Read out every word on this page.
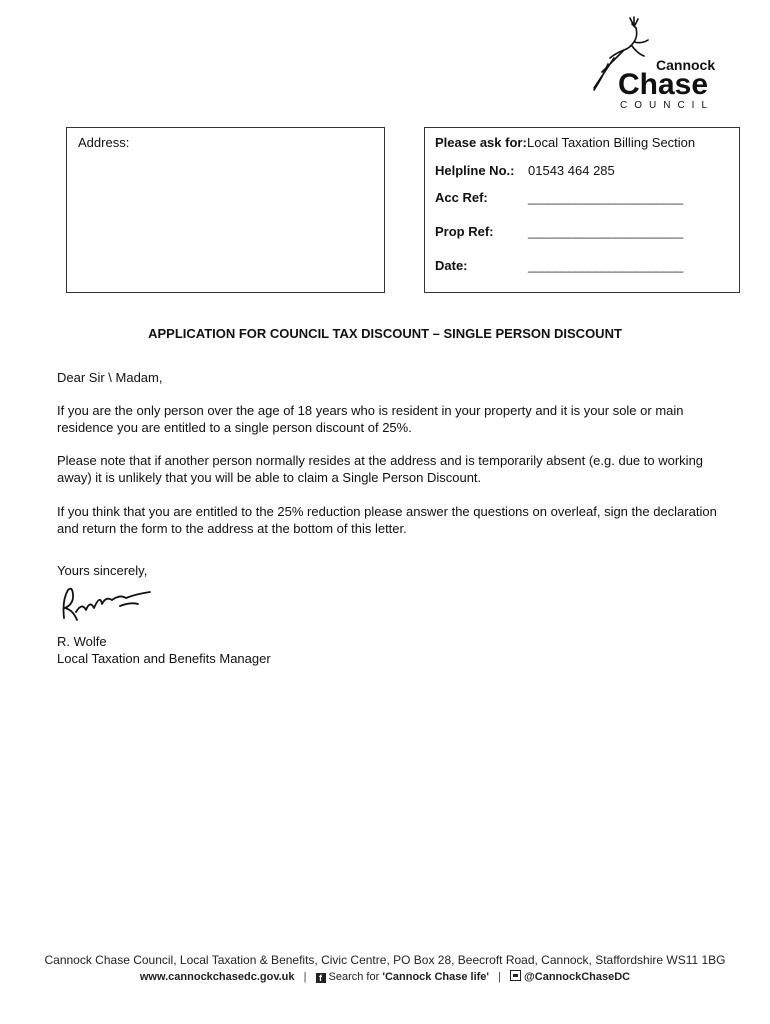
Cannock
Chase
COUNCIL
Address:	Please ask for: Local Taxation Billing Section
Helpline No.: 01543 464 285
Acc Ref:	_______________________
Prop Ref:	_______________________
Date:	_______________________
APPLICATION FOR COUNCIL TAX DISCOUNT – SINGLE PERSON DISCOUNT
Dear Sir \ Madam,
If you are the only person over the age of 18 years who is resident in your property and it is your sole or main residence you are entitled to a single person discount of 25%.
Please note that if another person normally resides at the address and is temporarily absent (e.g. due to working away) it is unlikely that you will be able to claim a Single Person Discount.
If you think that you are entitled to the 25% reduction please answer the questions on overleaf, sign the declaration and return the form to the address at the bottom of this letter.
Yours sincerely,
R. Wolfe
Local Taxation and Benefits Manager
Cannock Chase Council, Local Taxation & Benefits, Civic Centre, PO Box 28, Beecroft Road, Cannock, Staffordshire WS11 1BG
www.cannockchasedc.gov.uk | f Search for 'Cannock Chase life' | @CannockChaseDC
